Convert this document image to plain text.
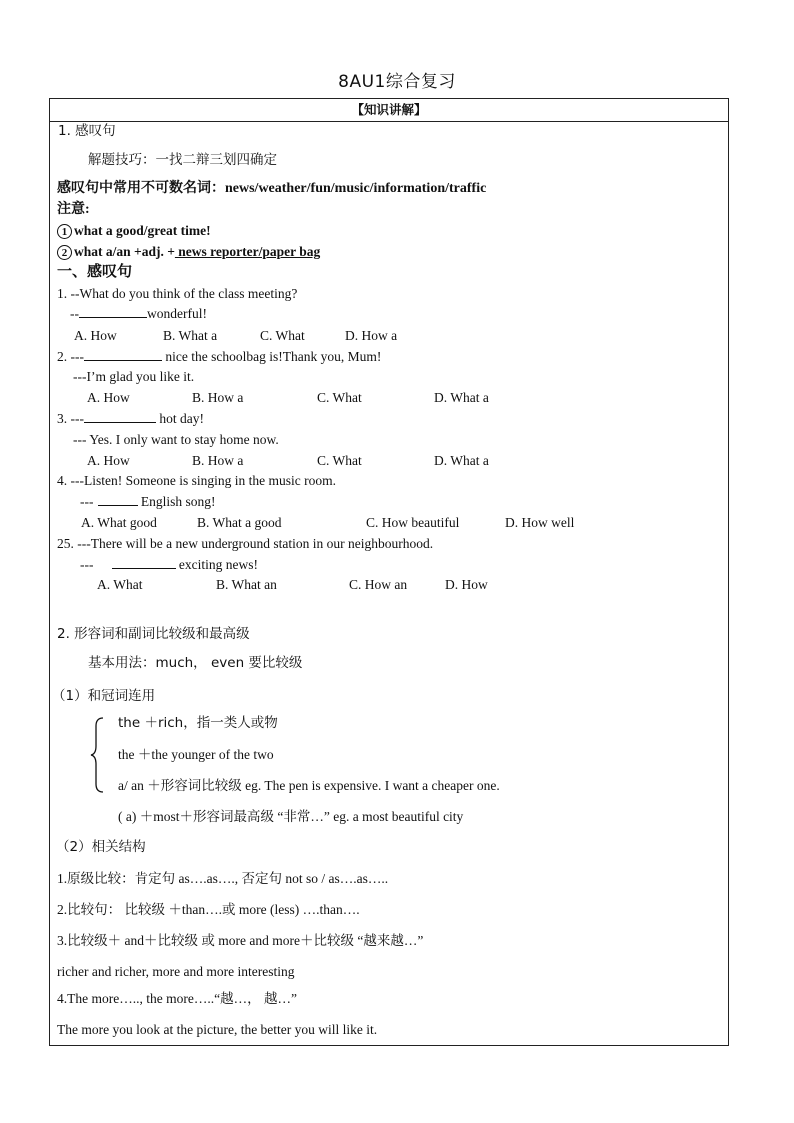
8AU1综合复习
【知识讲解】
1. 感叹句
解题技巧：一找二辩三划四确定
感叹句中常用不可数名词：news/weather/fun/music/information/traffic
注意:
1 what a good/great time!
2 what a/an +adj. + news reporter/paper bag
一、感叹句
1. --What do you think of the class meeting?
--	wonderful!
A. How	B. What a	C. What	D. How a
2. ---	nice the schoolbag is!Thank you, Mum!
---I’m glad you like it.
A. How	B. How a	C. What	D. What a
3. ---	hot day!
--- Yes. I only want to stay home now.
A. How	B. How a	C. What	D. What a
4. ---Listen! Someone is singing in the music room.
---	English song!
A. What good	B. What a good	C. How beautiful	D. How well
25. ---There will be a new underground station in our neighbourhood.
---	exciting news!
A. What	B. What an	C. How an	D. How
2. 形容词和副词比较级和最高级
基本用法：much， even 要比较级
（1）和冠词连用
the ＋rich，指一类人或物
the ＋the younger of the two
a/ an ＋形容词比较级 eg. The pen is expensive. I want a cheaper one.
( a) ＋most＋形容词最高级 “非常…” eg. a most beautiful city
（2）相关结构
1.原级比较：肯定句 as….as…., 否定句 not so / as….as…..
2.比较句： 比较级 ＋than….或 more (less) ….than….
3.比较级＋ and＋比较级 或 more and more＋比较级 “越来越…”
richer and richer, more and more interesting
4.The more….., the more…..“越…， 越…”
The more you look at the picture, the better you will like it.
